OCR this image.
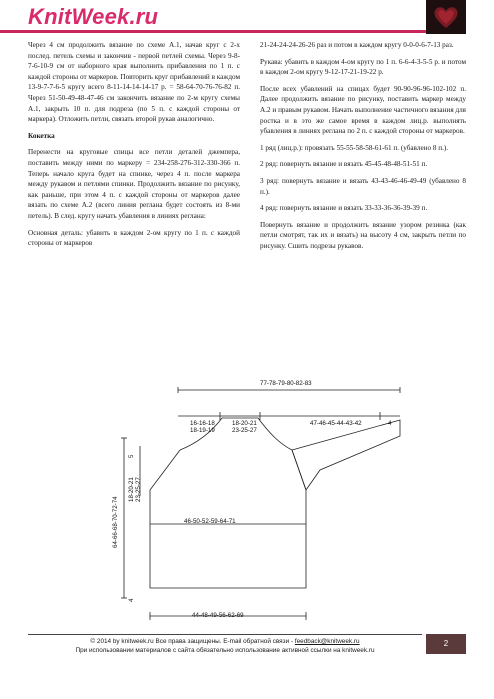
KnitWeek.ru

Через 4 см продолжить вязание по схеме А.1, начав круг с 2-х послед. петель схемы и закончив - первой петлей схемы. Через 9-8-7-6-10-9 см от наборного края выполнить прибавления по 1 п. с каждой стороны от маркеров. Повторить круг прибавлений в каждом 13-9-7-7-6-5 кругу всего 8-11-14-14-14-17 р. = 58-64-70-76-76-82 п. Через 51-50-49-48-47-46 см закончить вязание по 2-м кругу схемы А.1, закрыть 10 п. для подреза (по 5 п. с каждой стороны от маркера). Отложить петли, связать второй рукав аналогично.

Кокетка

Перенести на круговые спицы все петли деталей джемпера, поставить между ними по маркеру = 234-258-276-312-330-366 п. Теперь начало круга будет на спинке, через 4 п. после маркера между рукавом и петлями спинки. Продолжить вязание по рисунку, как раньше, при этом 4 п. с каждой стороны от маркеров далее вязать по схеме А.2 (всего линия реглана будет состоять из 8-ми петель). В след. кругу начать убавления в линиях реглана:

Основная деталь: убавить в каждом 2-ом кругу по 1 п. с каждой стороны от маркеров

21-24-24-24-26-26 раз и потом в каждом кругу 0-0-0-6-7-13 раз.

Рукава: убавить в каждом 4-ом кругу по 1 п. 6-6-4-3-5-5 р. и потом в каждом 2-ом кругу 9-12-17-21-19-22 р.

После всех убавлений на спицах будет 90-90-96-96-102-102 п. Далее продолжить вязание по рисунку, поставить маркер между А.2 и правым рукавом. Начать выполнение частичного вязания для ростка и в это же самое время в каждом лиц.р. выполнять убавления в линиях реглана по 2 п. с каждой стороны от маркеров.

1 ряд (лиц.р.): провязать 55-55-58-58-61-61 п. (убавлено 8 п.).

2 ряд: повернуть вязание и вязать 45-45-48-48-51-51 п.

3 ряд: повернуть вязание и вязать 43-43-46-46-49-49 (убавлено 8 п.).

4 ряд: повернуть вязание и вязать 33-33-36-36-39-39 п.

Повернуть вязание и продолжить вязание узором резинка (как петли смотрят, так их и вязать) на высоту 4 см, закрыть петли по рисунку. Сшить подрезы рукавов.

77-78-79-80-82-83
16-16-18
18-19-19
18-20-21
23-25-27
47-46-45-44-43-42	4
5
18-20-21
23-25-27
46-50-52-59-64-71
64-66-68-70-72-74
4
44-48-49-56-62-69
© 2014 by knitweek.ru Все права защищены. E-mail обратной связи - feedback@knitweek.ru
При использовании материалов с сайта обязательно использование активной ссылки на knitweek.ru
2
